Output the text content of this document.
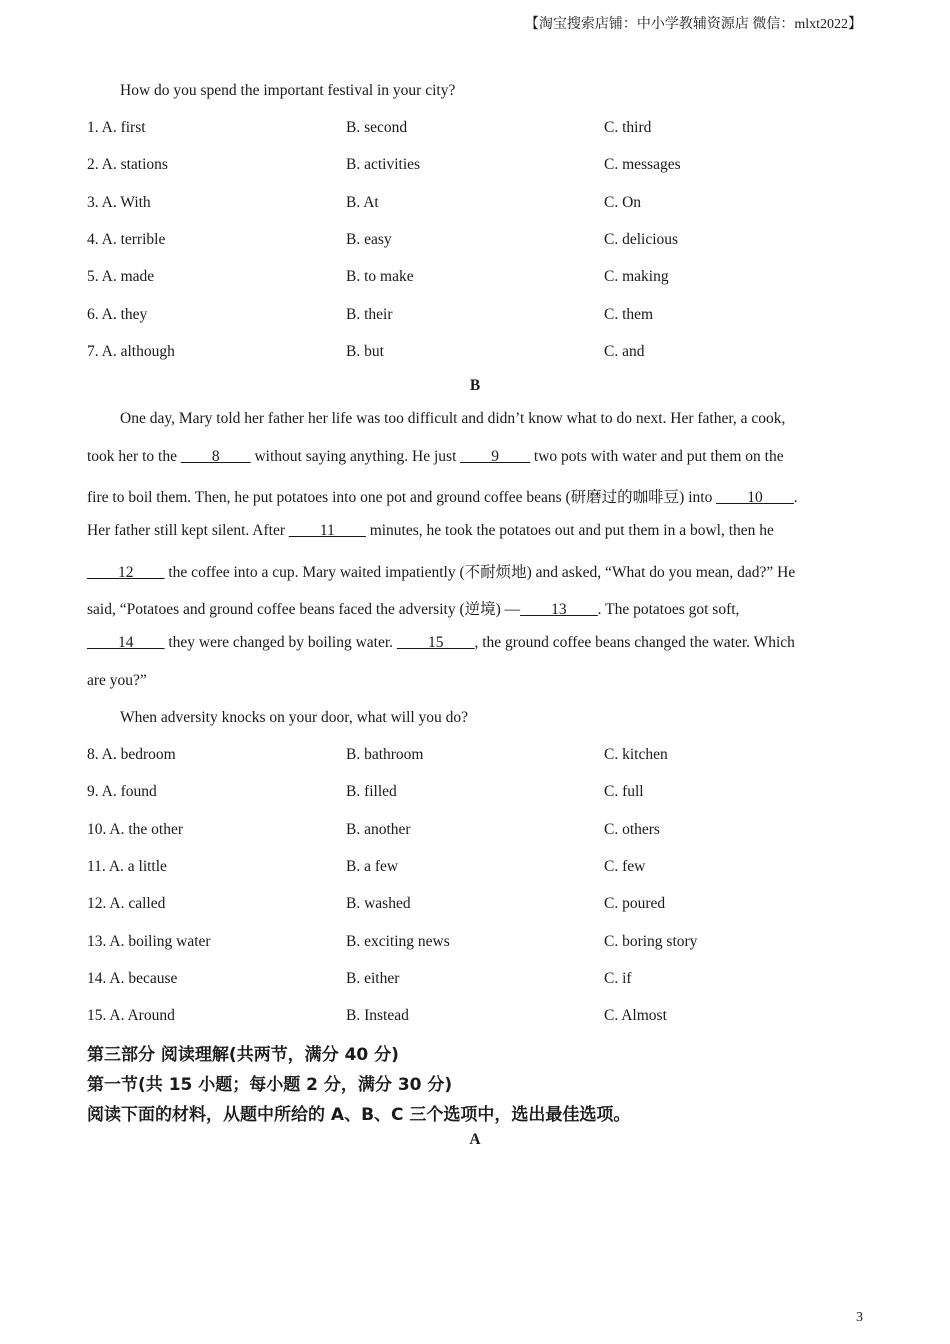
【淘宝搜索店铺：中小学教辅资源店 微信：mlxt2022】
How do you spend the important festival in your city?
1. A. first	B. second	C. third
2. A. stations	B. activities	C. messages
3. A. With	B. At	C. On
4. A. terrible	B. easy	C. delicious
5. A. made	B. to make	C. making
6. A. they	B. their	C. them
7. A. although	B. but	C. and
B
One day, Mary told her father her life was too difficult and didn’t know what to do next. Her father, a cook,
took her to the ____8____ without saying anything. He just ____9____ two pots with water and put them on the
fire to boil them. Then, he put potatoes into one pot and ground coffee beans (研磨过的咖啡豆) into ____10____.
Her father still kept silent. After ____11____ minutes, he took the potatoes out and put them in a bowl, then he
____12____ the coffee into a cup. Mary waited impatiently (不耐烦地) and asked, “What do you mean, dad?” He
said, “Potatoes and ground coffee beans faced the adversity (逆境) —____13____. The potatoes got soft,
____14____ they were changed by boiling water. ____15____, the ground coffee beans changed the water. Which
are you?”
When adversity knocks on your door, what will you do?
8. A. bedroom	B. bathroom	C. kitchen
9. A. found	B. filled	C. full
10. A. the other	B. another	C. others
11. A. a little	B. a few	C. few
12. A. called	B. washed	C. poured
13. A. boiling water	B. exciting news	C. boring story
14. A. because	B. either	C. if
15. A. Around	B. Instead	C. Almost
第三部分 阅读理解(共两节，满分 40 分)
第一节(共 15 小题；每小题 2 分，满分 30 分)
阅读下面的材料，从题中所给的 A、B、C 三个选项中，选出最佳选项。
A
3
